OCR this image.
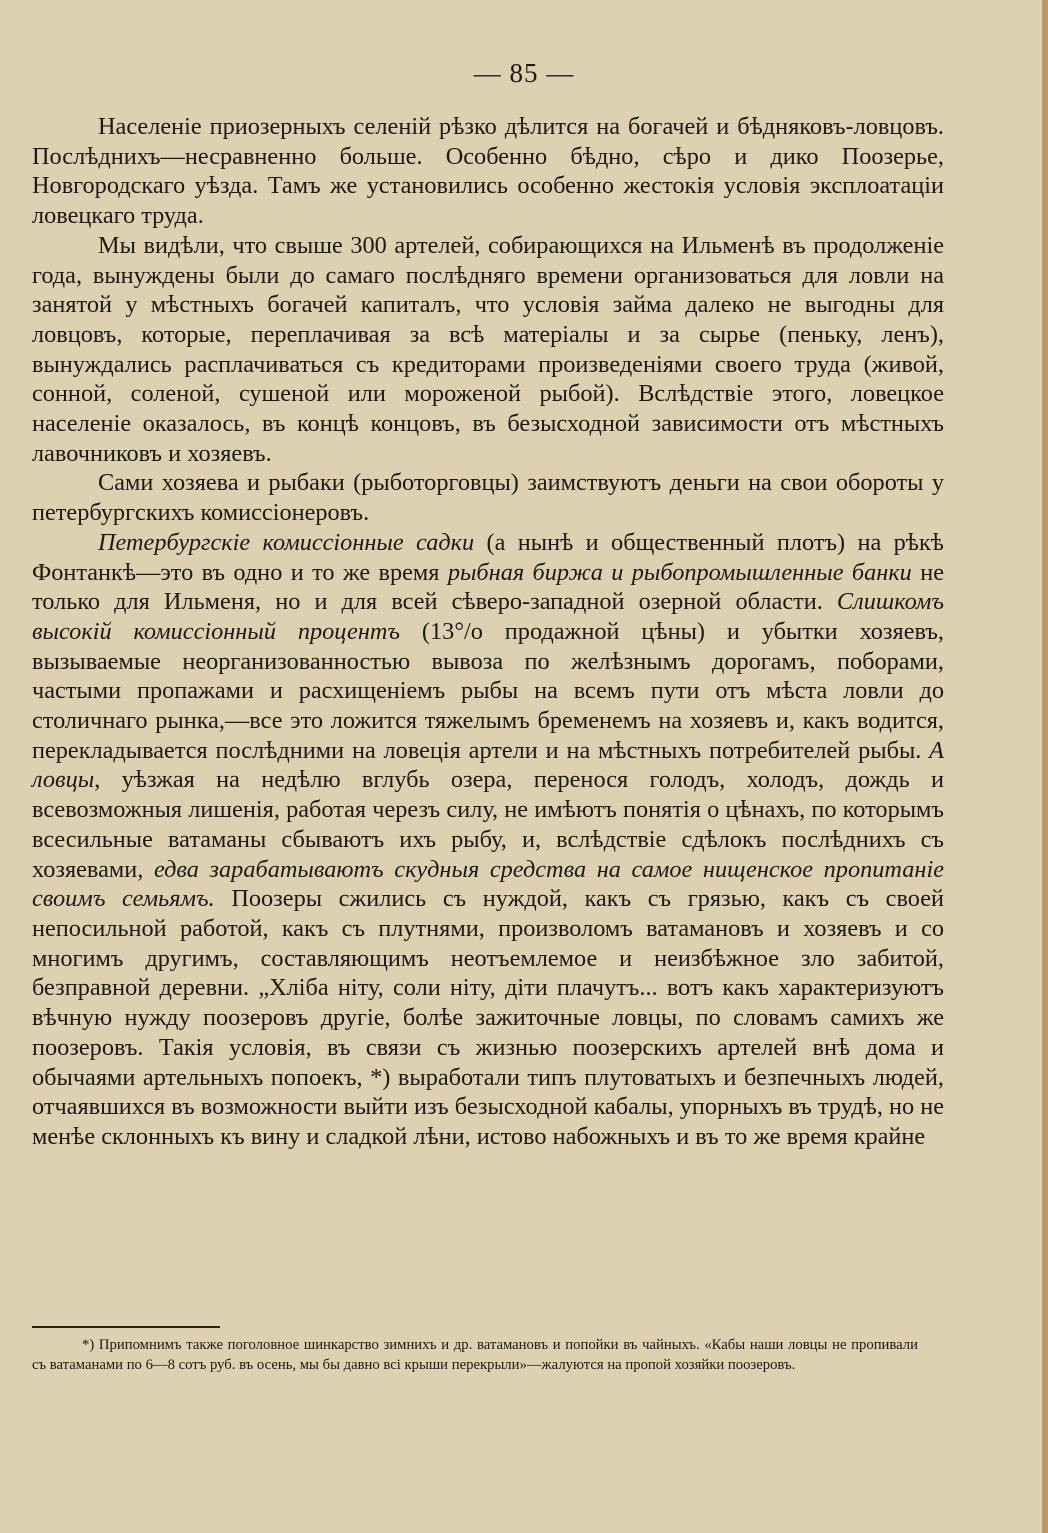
— 85 —

Населеніе приозерныхъ селеній рѣзко дѣлится на богачей и бѣдняковъ-ловцовъ. Послѣднихъ—несравненно больше. Особенно бѣдно, сѣро и дико Поозерье, Новгородскаго уѣзда. Тамъ же установились особенно жестокія условія эксплоатаціи ловецкаго труда.

Мы видѣли, что свыше 300 артелей, собирающихся на Ильменѣ въ продолженіе года, вынуждены были до самаго послѣдняго времени организоваться для ловли на занятой у мѣстныхъ богачей капиталъ, что условія займа далеко не выгодны для ловцовъ, которые, переплачивая за всѣ матеріалы и за сырье (пеньку, ленъ), вынуждались расплачиваться съ кредиторами произведеніями своего труда (живой, сонной, соленой, сушеной или мороженой рыбой). Вслѣдствіе этого, ловецкое населеніе оказалось, въ концѣ концовъ, въ безысходной зависимости отъ мѣстныхъ лавочниковъ и хозяевъ.

Сами хозяева и рыбаки (рыботорговцы) заимствуютъ деньги на свои обороты у петербургскихъ комиссіонеровъ.

Петербургскіе комиссіонные садки (а нынѣ и общественный плотъ) на рѣкѣ Фонтанкѣ—это въ одно и то же время рыбная биржа и рыбопромышленные банки не только для Ильменя, но и для всей сѣверо-западной озерной области. Слишкомъ высокій комиссіонный процентъ (13°/о продажной цѣны) и убытки хозяевъ, вызываемые неорганизованностью вывоза по желѣзнымъ дорогамъ, поборами, частыми пропажами и расхищеніемъ рыбы на всемъ пути отъ мѣста ловли до столичнаго рынка,—все это ложится тяжелымъ бременемъ на хозяевъ и, какъ водится, перекладывается послѣдними на ловеція артели и на мѣстныхъ потребителей рыбы. А ловцы, уѣзжая на недѣлю вглубь озера, перенося голодъ, холодъ, дождь и всевозможныя лишенія, работая черезъ силу, не имѣютъ понятія о цѣнахъ, по которымъ всесильные ватаманы сбываютъ ихъ рыбу, и, вслѣдствіе сдѣлокъ послѣднихъ съ хозяевами, едва зарабатываютъ скудныя средства на самое нищенское пропитаніе своимъ семьямъ. Поозеры сжились съ нуждой, какъ съ грязью, какъ съ своей непосильной работой, какъ съ плутнями, произволомъ ватамановъ и хозяевъ и со многимъ другимъ, составляющимъ неотъемлемое и неизбѣжное зло забитой, безправной деревни. „Хліба ніту, соли ніту, діти плачутъ... вотъ какъ характеризуютъ вѣчную нужду поозеровъ другіе, болѣе зажиточные ловцы, по словамъ самихъ же поозеровъ. Такія условія, въ связи съ жизнью поозерскихъ артелей внѣ дома и обычаями артельныхъ попоекъ, *) выработали типъ плутоватыхъ и безпечныхъ людей, отчаявшихся въ возможности выйти изъ безысходной кабалы, упорныхъ въ трудѣ, но не менѣе склонныхъ къ вину и сладкой лѣни, истово набожныхъ и въ то же время крайне

*) Припомнимъ также поголовное шинкарство зимнихъ и др. ватамановъ и попойки въ чайныхъ. «Кабы наши ловцы не пропивали съ ватаманами по 6—8 сотъ руб. въ осень, мы бы давно всі крыши перекрыли»—жалуются на пропой хозяйки поозеровъ.
